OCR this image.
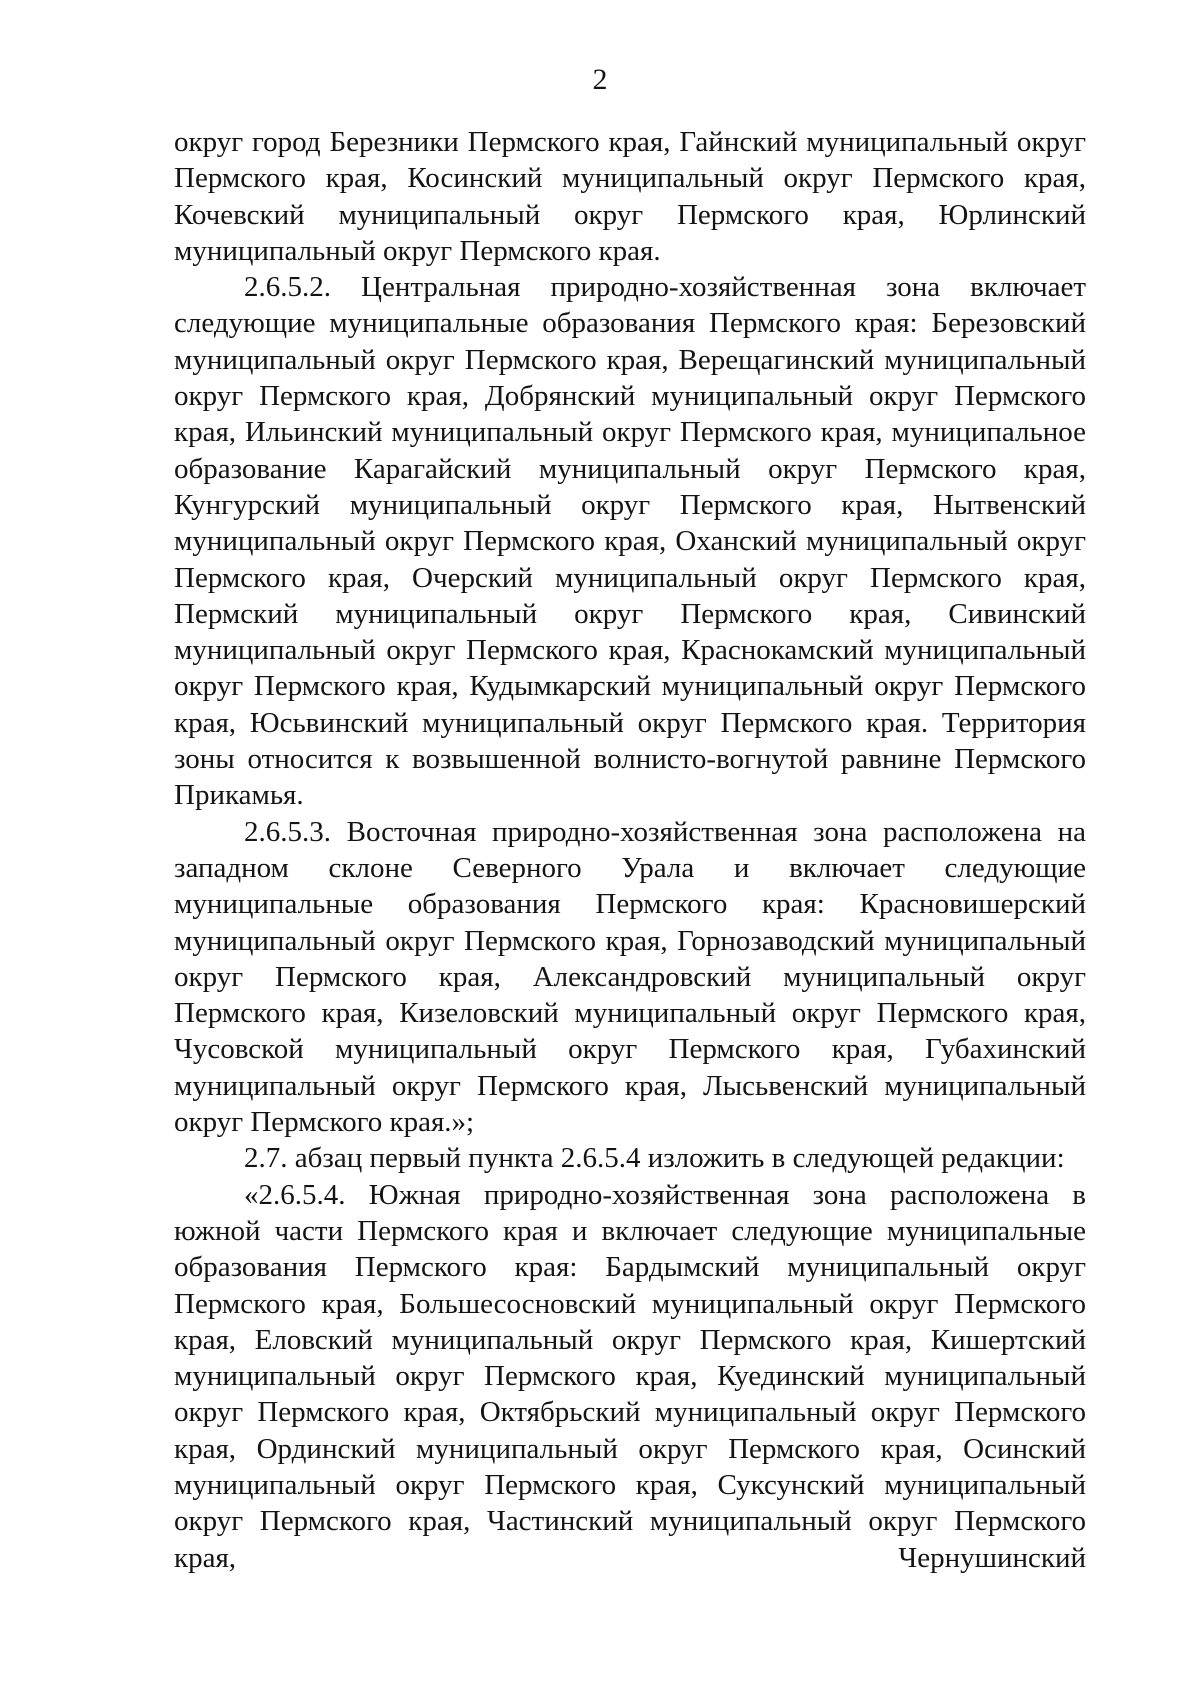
2

округ город Березники Пермского края, Гайнский муниципальный округ Пермского края, Косинский муниципальный округ Пермского края, Кочевский муниципальный округ Пермского края, Юрлинский муниципальный округ Пермского края.

2.6.5.2. Центральная природно-хозяйственная зона включает следующие муниципальные образования Пермского края: Березовский муниципальный округ Пермского края, Верещагинский муниципальный округ Пермского края, Добрянский муниципальный округ Пермского края, Ильинский муниципальный округ Пермского края, муниципальное образование Карагайский муниципальный округ Пермского края, Кунгурский муниципальный округ Пермского края, Нытвенский муниципальный округ Пермского края, Оханский муниципальный округ Пермского края, Очерский муниципальный округ Пермского края, Пермский муниципальный округ Пермского края, Сивинский муниципальный округ Пермского края, Краснокамский муниципальный округ Пермского края, Кудымкарский муниципальный округ Пермского края, Юсьвинский муниципальный округ Пермского края. Территория зоны относится к возвышенной волнисто-вогнутой равнине Пермского Прикамья.

2.6.5.3. Восточная природно-хозяйственная зона расположена на западном склоне Северного Урала и включает следующие муниципальные образования Пермского края: Красновишерский муниципальный округ Пермского края, Горнозаводский муниципальный округ Пермского края, Александровский муниципальный округ Пермского края, Кизеловский муниципальный округ Пермского края, Чусовской муниципальный округ Пермского края, Губахинский муниципальный округ Пермского края, Лысьвенский муниципальный округ Пермского края.»;

2.7. абзац первый пункта 2.6.5.4 изложить в следующей редакции:

«2.6.5.4. Южная природно-хозяйственная зона расположена в южной части Пермского края и включает следующие муниципальные образования Пермского края: Бардымский муниципальный округ Пермского края, Большесосновский муниципальный округ Пермского края, Еловский муниципальный округ Пермского края, Кишертский муниципальный округ Пермского края, Куединский муниципальный округ Пермского края, Октябрьский муниципальный округ Пермского края, Ординский муниципальный округ Пермского края, Осинский муниципальный округ Пермского края, Суксунский муниципальный округ Пермского края, Частинский муниципальный округ Пермского края, Чернушинский
